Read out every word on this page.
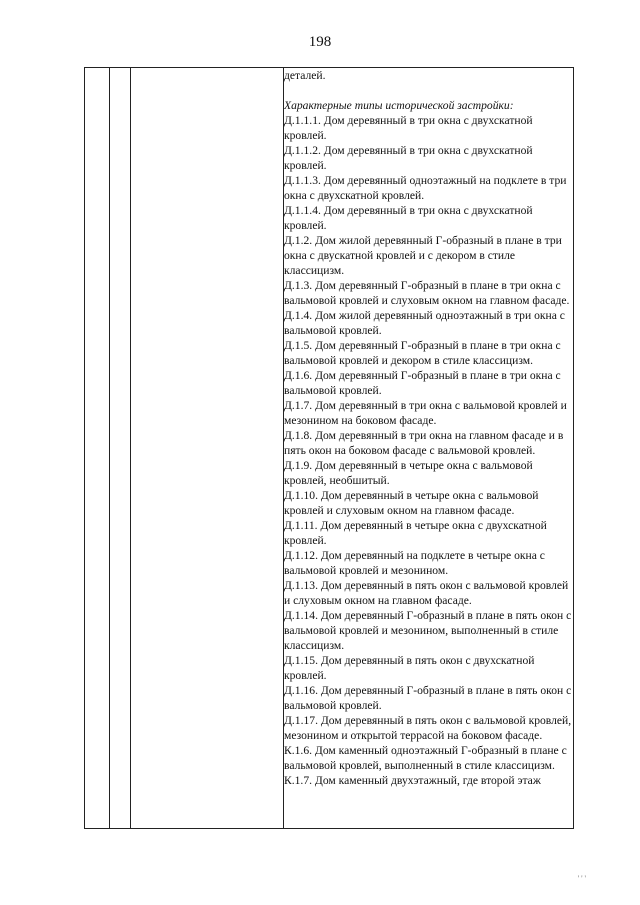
198

деталей.

Характерные типы исторической застройки:

Д.1.1.1. Дом деревянный в три окна с двухскатной кровлей.

Д.1.1.2. Дом деревянный в три окна с двухскатной кровлей.

Д.1.1.3. Дом деревянный одноэтажный на подклете в три окна с двухскатной кровлей.

Д.1.1.4. Дом деревянный в три окна с двухскатной кровлей.

Д.1.2. Дом жилой деревянный Г-образный в плане в три окна с двускатной кровлей и с декором в стиле классицизм.

Д.1.3. Дом деревянный Г-образный в плане в три окна с вальмовой кровлей и слуховым окном на главном фасаде.

Д.1.4. Дом жилой деревянный одноэтажный в три окна с вальмовой кровлей.

Д.1.5. Дом деревянный Г-образный в плане в три окна с вальмовой кровлей и декором в стиле классицизм.

Д.1.6. Дом деревянный Г-образный в плане в три окна с вальмовой кровлей.

Д.1.7. Дом деревянный в три окна с вальмовой кровлей и мезонином на боковом фасаде.

Д.1.8. Дом деревянный в три окна на главном фасаде и в пять окон на боковом фасаде с вальмовой кровлей.

Д.1.9. Дом деревянный в четыре окна с вальмовой кровлей, необшитый.

Д.1.10. Дом деревянный в четыре окна с вальмовой кровлей и слуховым окном на главном фасаде.

Д.1.11. Дом деревянный в четыре окна с двухскатной кровлей.

Д.1.12. Дом деревянный на подклете в четыре окна с вальмовой кровлей и мезонином.

Д.1.13. Дом деревянный в пять окон с вальмовой кровлей и слуховым окном на главном фасаде.

Д.1.14. Дом деревянный Г-образный в плане в пять окон с вальмовой кровлей и мезонином, выполненный в стиле классицизм.

Д.1.15. Дом деревянный в пять окон с двухскатной кровлей.

Д.1.16. Дом деревянный Г-образный в плане в пять окон с вальмовой кровлей.

Д.1.17. Дом деревянный в пять окон с вальмовой кровлей, мезонином и открытой террасой на боковом фасаде.

К.1.6. Дом каменный одноэтажный Г-образный в плане с вальмовой кровлей, выполненный в стиле классицизм.

К.1.7. Дом каменный двухэтажный, где второй этаж

'''
